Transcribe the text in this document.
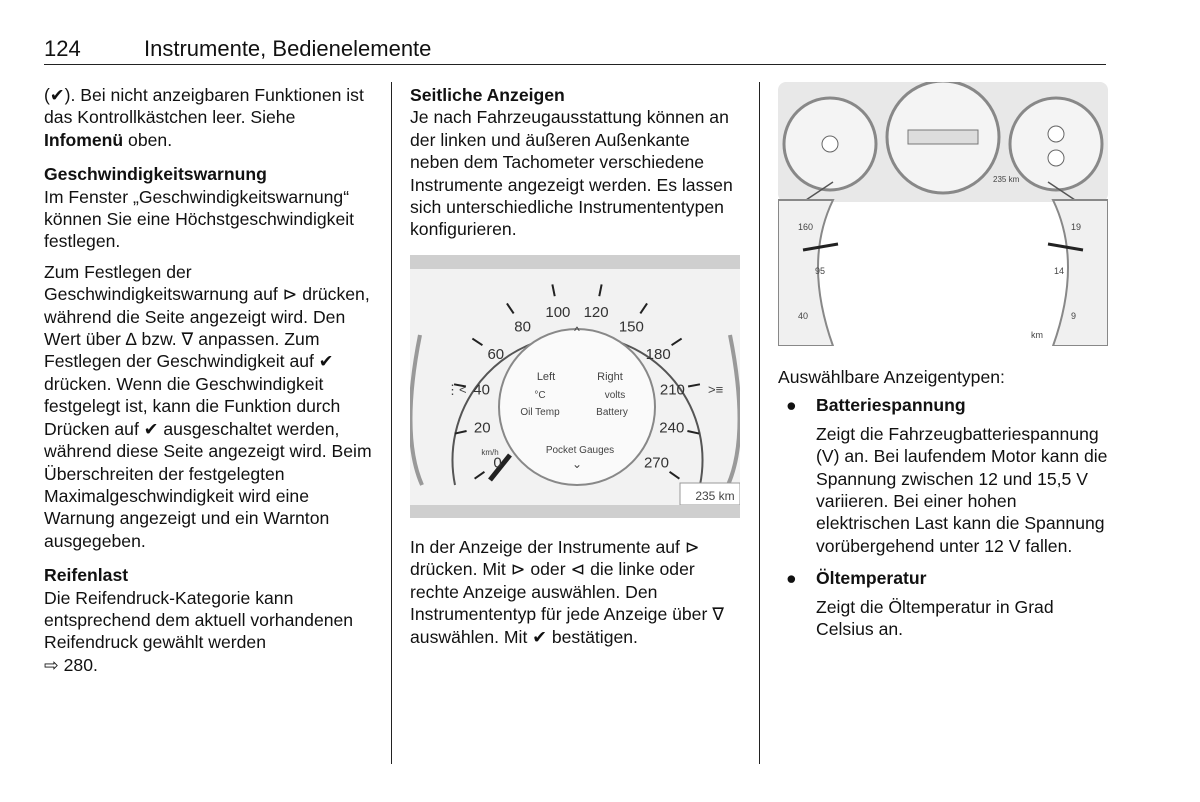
124	Instrumente, Bedienelemente

(✔). Bei nicht anzeigbaren Funktionen ist das Kontrollkästchen leer. Siehe Infomenü oben.

Geschwindigkeitswarnung

Im Fenster „Geschwindigkeitswarnung“ können Sie eine Höchstgeschwindigkeit festlegen.

Zum Festlegen der Geschwindigkeitswarnung auf ⊳ drücken, während die Seite angezeigt wird. Den Wert über ∆ bzw. ∇ anpassen. Zum Festlegen der Geschwindigkeit auf ✔ drücken. Wenn die Geschwindigkeit festgelegt ist, kann die Funktion durch Drücken auf ✔ ausgeschaltet werden, während diese Seite angezeigt wird. Beim Überschreiten der festgelegten Maximalgeschwindigkeit wird eine Warnung angezeigt und ein Warnton ausgegeben.

Reifenlast

Die Reifendruck-Kategorie kann entsprechend dem aktuell vorhandenen Reifendruck gewählt werden

⇨ 280.

Seitliche Anzeigen

Je nach Fahrzeugausstattung können an der linken und äußeren Außenkante neben dem Tachometer verschiedene Instrumente angezeigt werden. Es lassen sich unterschiedliche Instrumententypen konfigurieren.

^
Left	Right
°C	volts
Oil Temp	Battery
Pocket Gauges
⌄
km/h
⋮<	>≡
235 km
0
20
40
60
80
100 120
150
180
210
240
270

In der Anzeige der Instrumente auf ⊳ drücken. Mit ⊳ oder ⊲ die linke oder rechte Anzeige auswählen. Den Instrumententyp für jede Anzeige über ∇ auswählen. Mit ✔ bestätigen.

235 km
160
95
40
19
14
9
km

Auswählbare Anzeigentypen:

● Batteriespannung
Zeigt die Fahrzeugbatteriespannung (V) an. Bei laufendem Motor kann die Spannung zwischen 12 und 15,5 V variieren. Bei einer hohen elektrischen Last kann die Spannung vorübergehend unter 12 V fallen.
● Öltemperatur
Zeigt die Öltemperatur in Grad Celsius an.
